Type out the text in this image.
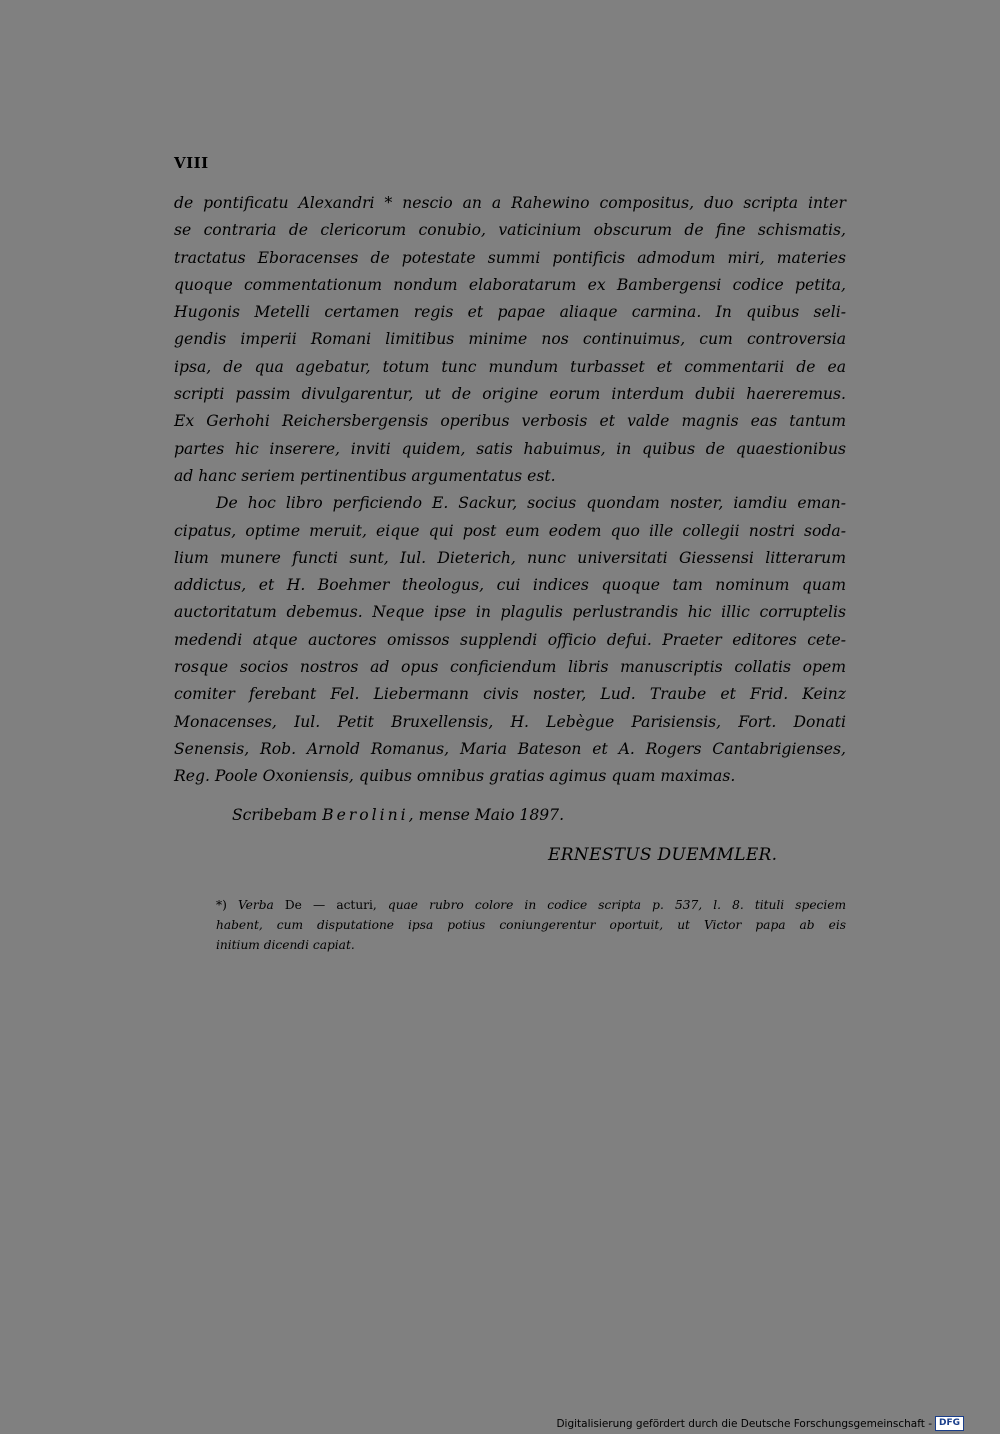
VIII
de pontificatu Alexandri * nescio an a Rahewino compositus, duo scripta inter
se contraria de clericorum conubio, vaticinium obscurum de fine schismatis,
tractatus Eboracenses de potestate summi pontificis admodum miri, materies
quoque commentationum nondum elaboratarum ex Bambergensi codice petita,
Hugonis Metelli certamen regis et papae aliaque carmina. In quibus seli-
gendis imperii Romani limitibus minime nos continuimus, cum controversia
ipsa, de qua agebatur, totum tunc mundum turbasset et commentarii de ea
scripti passim divulgarentur, ut de origine eorum interdum dubii haereremus.
Ex Gerhohi Reichersbergensis operibus verbosis et valde magnis eas tantum
partes hic inserere, inviti quidem, satis habuimus, in quibus de quaestionibus
ad hanc seriem pertinentibus argumentatus est.
De hoc libro perficiendo E. Sackur, socius quondam noster, iamdiu eman-
cipatus, optime meruit, eique qui post eum eodem quo ille collegii nostri soda-
lium munere functi sunt, Iul. Dieterich, nunc universitati Giessensi litterarum
addictus, et H. Boehmer theologus, cui indices quoque tam nominum quam
auctoritatum debemus. Neque ipse in plagulis perlustrandis hic illic corruptelis
medendi atque auctores omissos supplendi officio defui. Praeter editores cete-
rosque socios nostros ad opus conficiendum libris manuscriptis collatis opem
comiter ferebant Fel. Liebermann civis noster, Lud. Traube et Frid. Keinz
Monacenses, Iul. Petit Bruxellensis, H. Lebègue Parisiensis, Fort. Donati
Senensis, Rob. Arnold Romanus, Maria Bateson et A. Rogers Cantabrigienses,
Reg. Poole Oxoniensis, quibus omnibus gratias agimus quam maximas.
Scribebam Berolini, mense Maio 1897.
ERNESTUS DUEMMLER.
*) Verba De — acturi, quae rubro colore in codice scripta p. 537, l. 8. tituli speciem
habent, cum disputatione ipsa potius coniungerentur oportuit, ut Victor papa ab eis
initium dicendi capiat.
Digitalisierung gefördert durch die Deutsche Forschungsgemeinschaft - DFG
